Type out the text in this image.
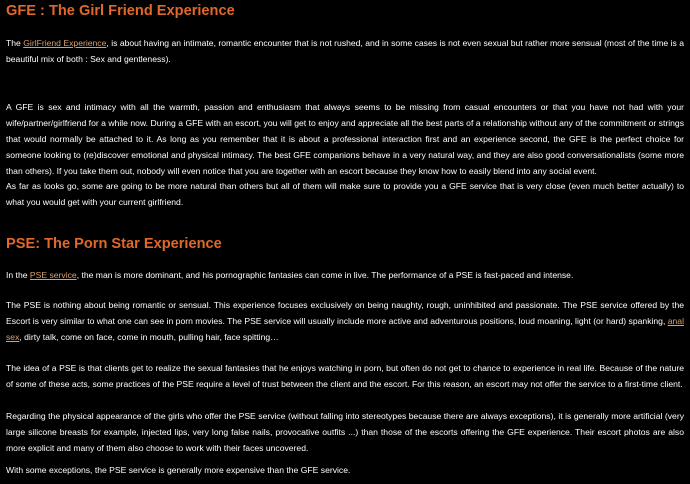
GFE : The Girl Friend Experience

The GirlFriend Experience, is about having an intimate, romantic encounter that is not rushed, and in some cases is not even sexual but rather more sensual (most of the time is a beautiful mix of both : Sex and gentleness).

A GFE is sex and intimacy with all the warmth, passion and enthusiasm that always seems to be missing from casual encounters or that you have not had with your wife/partner/girlfriend for a while now. During a GFE with an escort, you will get to enjoy and appreciate all the best parts of a relationship without any of the commitment or strings that would normally be attached to it. As long as you remember that it is about a professional interaction first and an experience second, the GFE is the perfect choice for someone looking to (re)discover emotional and physical intimacy. The best GFE companions behave in a very natural way, and they are also good conversationalists (some more than others). If you take them out, nobody will even notice that you are together with an escort because they know how to easily blend into any social event.

As far as looks go, some are going to be more natural than others but all of them will make sure to provide you a GFE service that is very close (even much better actually) to what you would get with your current girlfriend.

PSE: The Porn Star Experience

In the PSE service, the man is more dominant, and his pornographic fantasies can come in live. The performance of a PSE is fast-paced and intense.

The PSE is nothing about being romantic or sensual. This experience focuses exclusively on being naughty, rough, uninhibited and passionate. The PSE service offered by the Escort is very similar to what one can see in porn movies. The PSE service will usually include more active and adventurous positions, loud moaning, light (or hard) spanking, anal sex, dirty talk, come on face, come in mouth, pulling hair, face spitting…

The idea of a PSE is that clients get to realize the sexual fantasies that he enjoys watching in porn, but often do not get to chance to experience in real life. Because of the nature of some of these acts, some practices of the PSE require a level of trust between the client and the escort. For this reason, an escort may not offer the service to a first-time client.

Regarding the physical appearance of the girls who offer the PSE service (without falling into stereotypes because there are always exceptions), it is generally more artificial (very large silicone breasts for example, injected lips, very long false nails, provocative outfits ...) than those of the escorts offering the GFE experience. Their escort photos are also more explicit and many of them also choose to work with their faces uncovered.

With some exceptions, the PSE service is generally more expensive than the GFE service.
